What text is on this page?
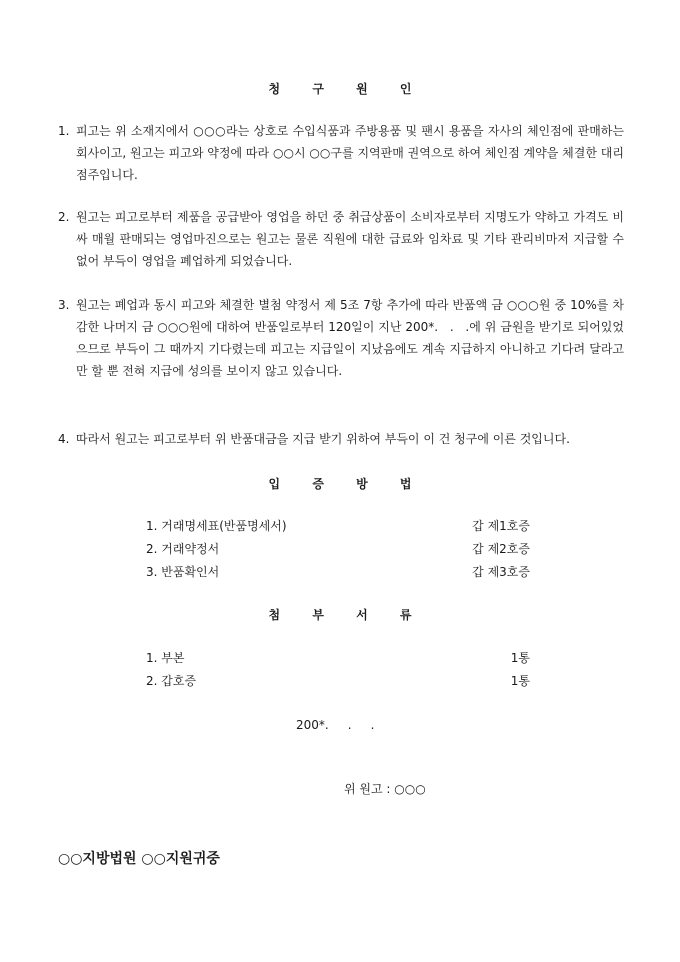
청 구 원 인
1. 피고는 위 소재지에서 ○○○라는 상호로 수입식품과 주방용품 및 팬시 용품을 자사의 체인점에 판매하는 회사이고, 원고는 피고와 약정에 따라 ○○시 ○○구를 지역판매 권역으로 하여 체인점 계약을 체결한 대리점주입니다.
2. 원고는 피고로부터 제품을 공급받아 영업을 하던 중 취급상품이 소비자로부터 지명도가 약하고 가격도 비싸 매월 판매되는 영업마진으로는 원고는 물론 직원에 대한 급료와 임차료 및 기타 관리비마저 지급할 수 없어 부득이 영업을 폐업하게 되었습니다.
3. 원고는 폐업과 동시 피고와 체결한 별첨 약정서 제 5조 7항 추가에 따라 반품액 금 ○○○원 중 10%를 차감한 나머지 금 ○○○원에 대하여 반품일로부터 120일이 지난 200*.   .   .에 위 금원을 받기로 되어있었으므로 부득이 그 때까지 기다렸는데 피고는 지급일이 지났음에도 계속 지급하지 아니하고 기다려 달라고만 할 뿐 전혀 지급에 성의를 보이지 않고 있습니다.
4. 따라서 원고는 피고로부터 위 반품대금을 지급 받기 위하여 부득이 이 건 청구에 이른 것입니다.
입 증 방 법
1. 거래명세표(반품명세서)	갑 제1호증
2. 거래약정서	갑 제2호증
3. 반품확인서	갑 제3호증
첨 부 서 류
1. 부본	1통
2. 갑호증	1통
200*.     .     .
위 원고 : ○○○
○○지방법원 ○○지원귀중
